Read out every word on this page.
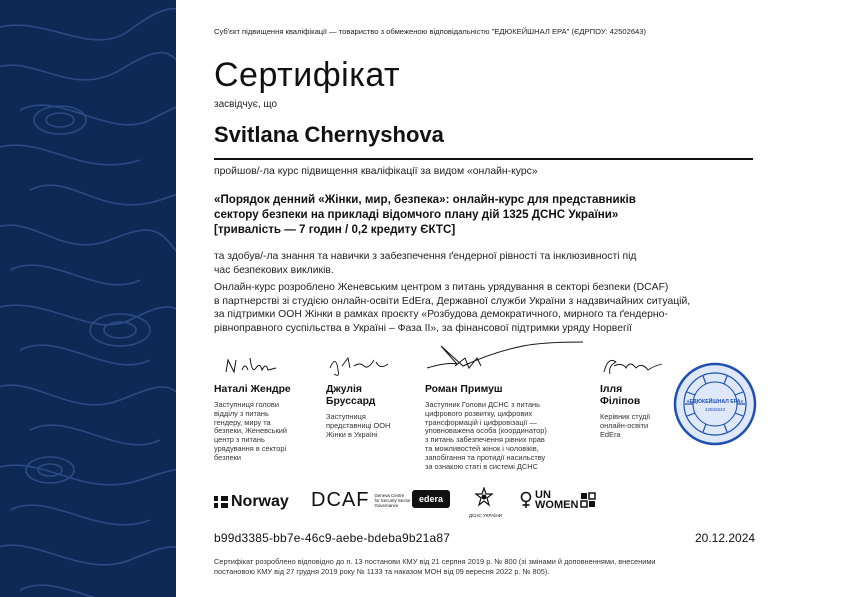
Суб'єкт підвищення кваліфікації — товариство з обмеженою відповідальністю "ЕДЮКЕЙШНАЛ ЕРА" (ЄДРПОУ: 42502643)
Сертифікат
засвідчує, що
Svitlana Chernyshova
пройшов/-ла курс підвищення кваліфікації за видом «онлайн-курс»
«Порядок денний «Жінки, мир, безпека»: онлайн-курс для представників
сектору безпеки на прикладі відомчого плану дій 1325 ДСНС України»
[тривалість — 7 годин / 0,2 кредиту ЄКТС]
та здобув/-ла знання та навички з забезпечення ґендерної рівності та інклюзивності під
час безпекових викликів.
Онлайн-курс розроблено Женевським центром з питань урядування в секторі безпеки (DCAF)
в партнерстві зі студією онлайн-освіти EdEra, Державної служби України з надзвичайних ситуацій,
за підтримки ООН Жінки в рамках проєкту «Розбудова демократичного, мирного та ґендерно-
рівноправного суспільства в Україні – Фаза ІІ», за фінансової підтримки уряду Норвегії
Наталі Жендре
Заступниця голови
відділу з питань
гендеру, миру та
безпеки, Женевський
центр з питань
урядування в секторі
безпеки
Джулія
Бруссард
Заступниця
представниці ООН
Жінки в Україні
Роман Примуш
Заступник Голови ДСНС з питань
цифрового розвитку, цифрових
трансформацій і цифровізації —
уповноважена особа (координатор)
з питань забезпечення рівних прав
та можливостей жінок і чоловіків,
запобігання та протидії насильству
за ознакою статі в системі ДСНС
Ілля
Філіпов
Керівник студії
онлайн-освіти
EdEra
«ЕДЮКЕЙШНАЛ ЕРА»
42502643
Norway DCAF Geneva Centre
for Security Sector
Governance
edera
ДСНС УКРАЇНИ
UN
WOMEN
b99d3385-bb7e-46c9-aebe-bdeba9b21a87	20.12.2024
Сертифікат розроблено відповідно до п. 13 постанови КМУ від 21 серпня 2019 р. № 800 (зі змінами й доповненнями, внесеними
постановою КМУ від 27 грудня 2019 року № 1133 та наказом МОН від 09 вересня 2022 р. № 805).
